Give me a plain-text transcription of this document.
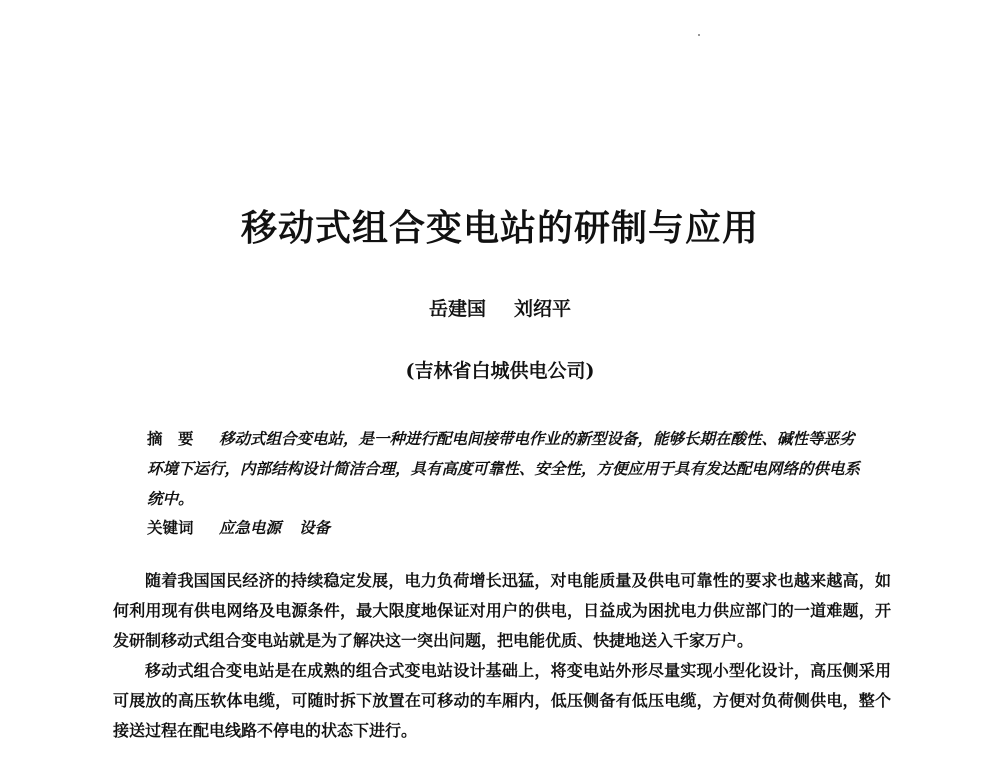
移动式组合变电站的研制与应用
岳建国 刘绍平
(吉林省白城供电公司)
摘　要 移动式组合变电站，是一种进行配电间接带电作业的新型设备，能够长期在酸性、碱性等恶劣环境下运行，内部结构设计简洁合理，具有高度可靠性、安全性，方便应用于具有发达配电网络的供电系统中。
关键词 应急电源 设备

随着我国国民经济的持续稳定发展，电力负荷增长迅猛，对电能质量及供电可靠性的要求也越来越高，如何利用现有供电网络及电源条件，最大限度地保证对用户的供电，日益成为困扰电力供应部门的一道难题，开发研制移动式组合变电站就是为了解决这一突出问题，把电能优质、快捷地送入千家万户。

移动式组合变电站是在成熟的组合式变电站设计基础上，将变电站外形尽量实现小型化设计，高压侧采用可展放的高压软体电缆，可随时拆下放置在可移动的车厢内，低压侧备有低压电缆，方便对负荷侧供电，整个接送过程在配电线路不停电的状态下进行。
